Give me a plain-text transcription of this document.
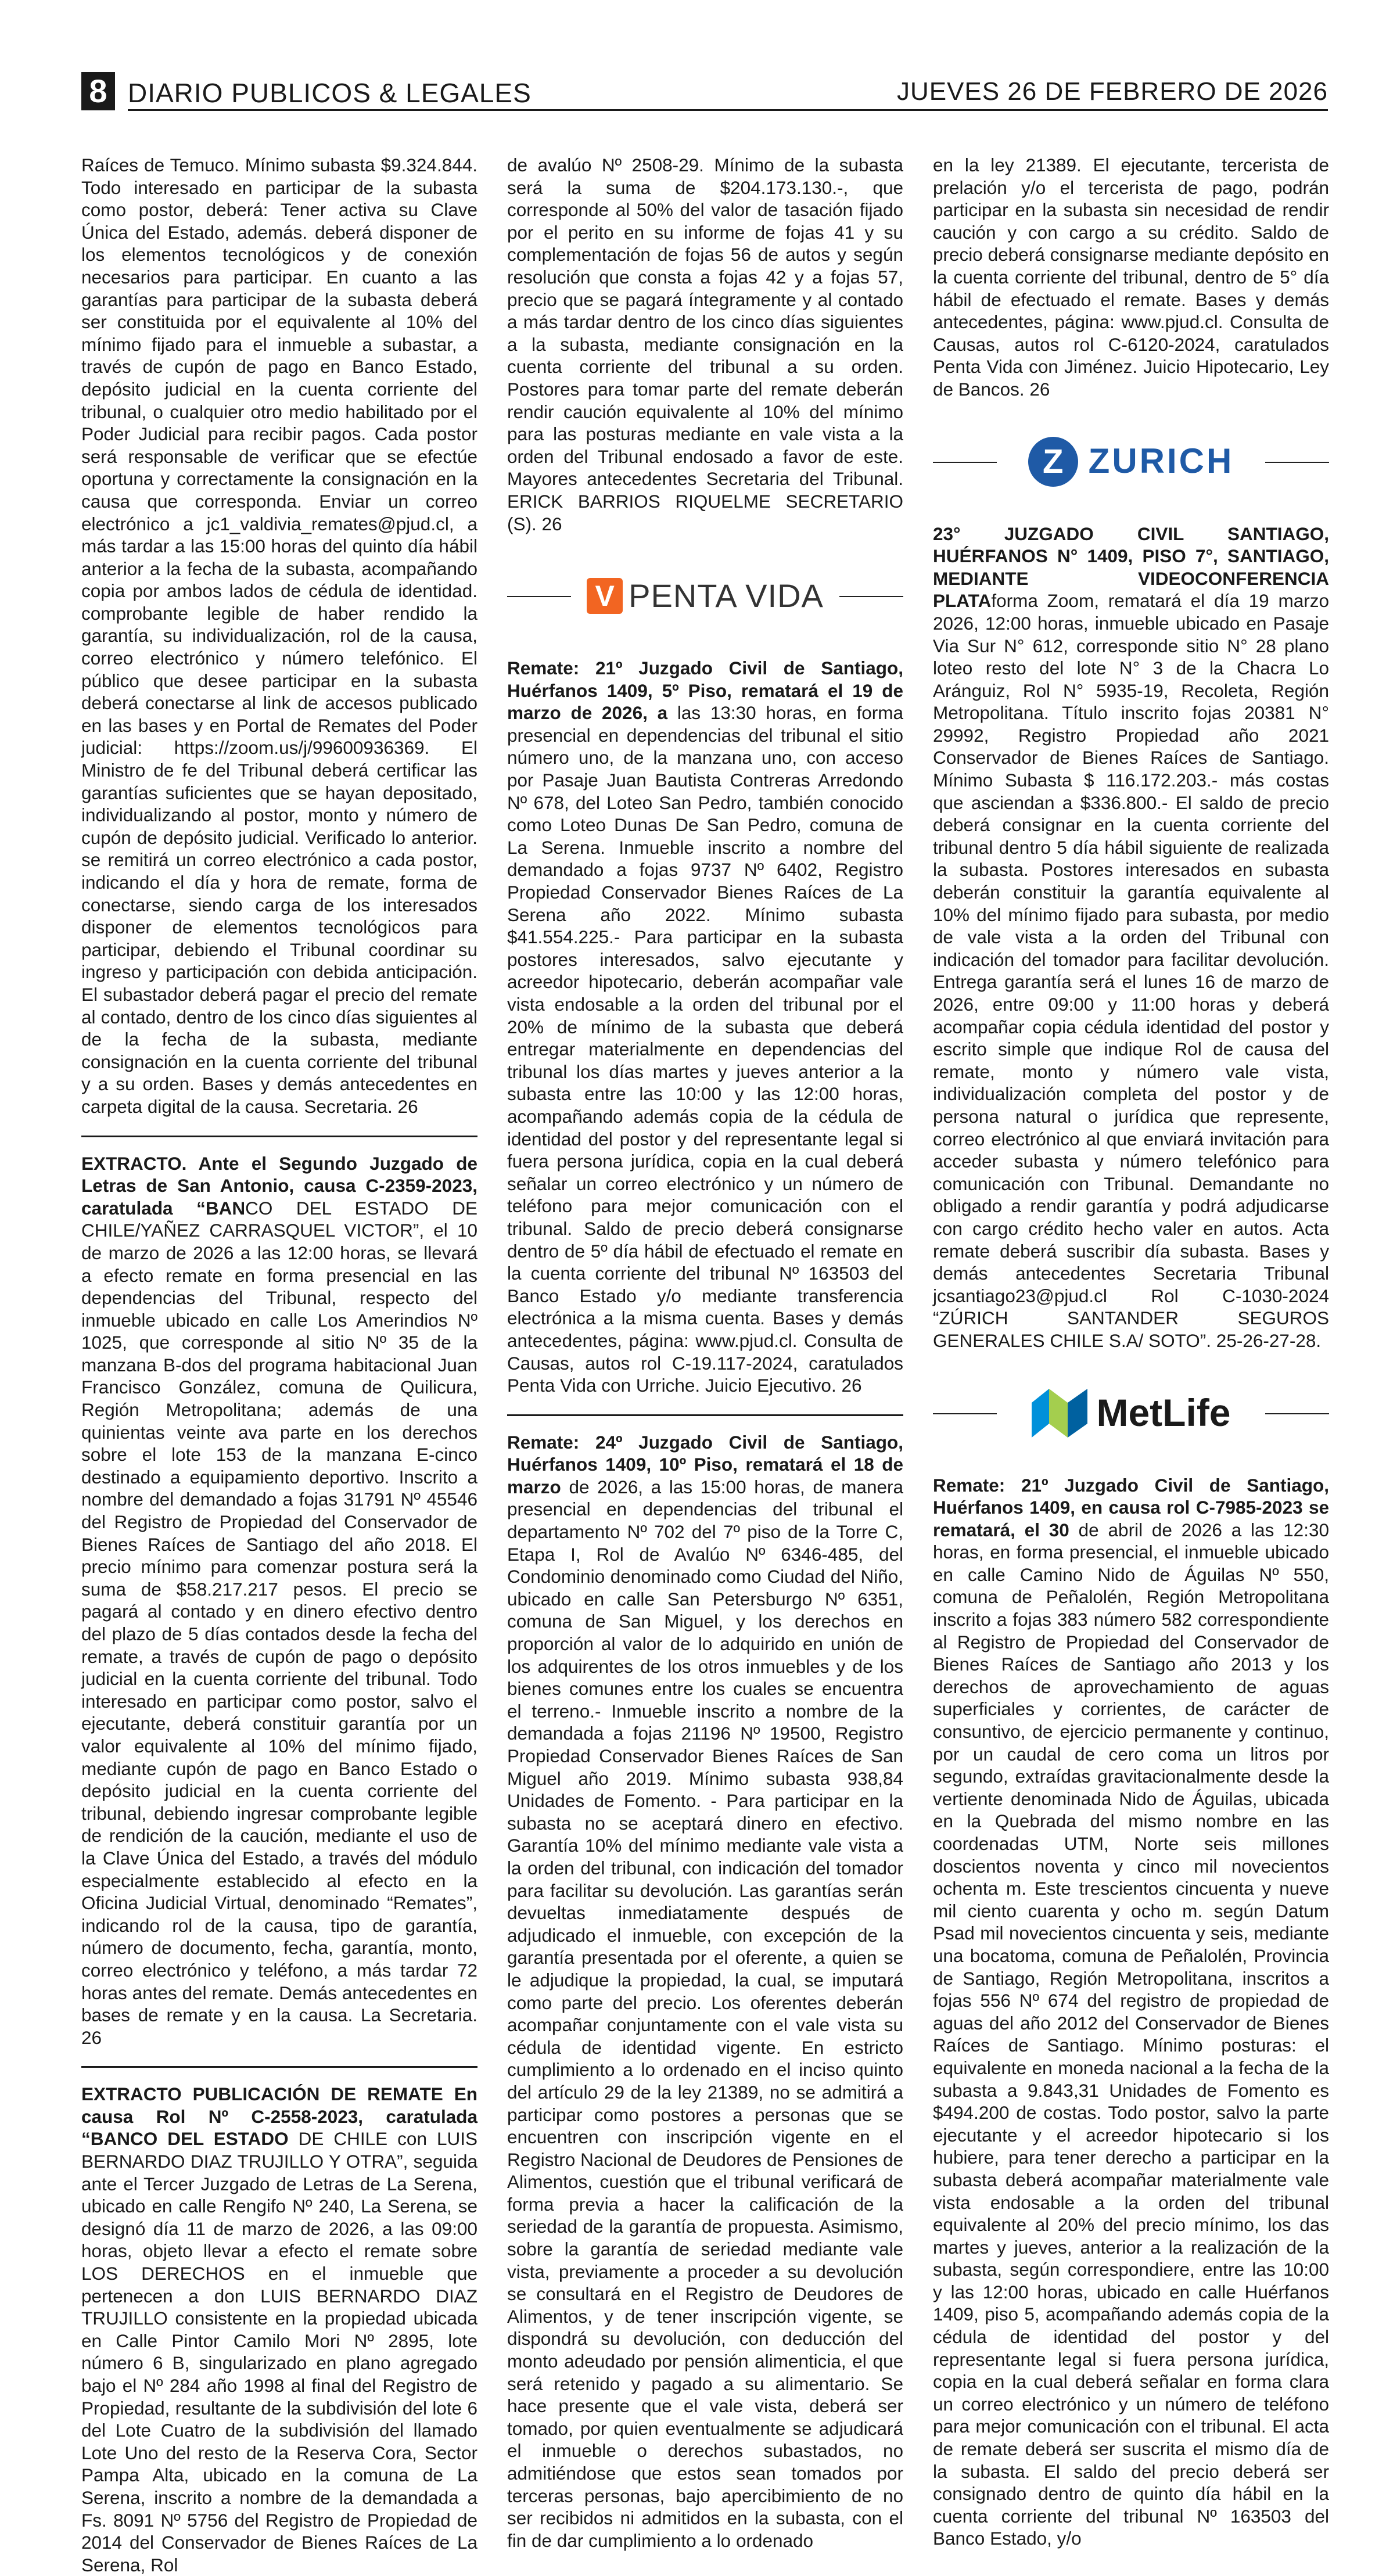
8 DIARIO PUBLICOS & LEGALES	JUEVES 26 DE FEBRERO DE 2026

Raíces de Temuco. Mínimo subasta $9.324.844. Todo interesado en participar de la subasta como postor, deberá: Tener activa su Clave Única del Estado, además. deberá disponer de los elementos tecnológicos y de conexión necesarios para participar. En cuanto a las garantías para participar de la subasta deberá ser constituida por el equivalente al 10% del mínimo fijado para el inmueble a subastar, a través de cupón de pago en Banco Estado, depósito judicial en la cuenta corriente del tribunal, o cualquier otro medio habilitado por el Poder Judicial para recibir pagos. Cada postor será responsable de verificar que se efectúe oportuna y correctamente la consignación en la causa que corresponda. Enviar un correo electrónico a jc1_valdivia_remates@pjud.cl, a más tardar a las 15:00 horas del quinto día hábil anterior a la fecha de la subasta, acompañando copia por ambos lados de cédula de identidad. comprobante legible de haber rendido la garantía, su individualización, rol de la causa, correo electrónico y número telefónico. El público que desee participar en la subasta deberá conectarse al link de accesos publicado en las bases y en Portal de Remates del Poder judicial: https://zoom.us/j/99600936369. El Ministro de fe del Tribunal deberá certificar las garantías suficientes que se hayan depositado, individualizando al postor, monto y número de cupón de depósito judicial. Verificado lo anterior. se remitirá un correo electrónico a cada postor, indicando el día y hora de remate, forma de conectarse, siendo carga de los interesados disponer de elementos tecnológicos para participar, debiendo el Tribunal coordinar su ingreso y participación con debida anticipación. El subastador deberá pagar el precio del remate al contado, dentro de los cinco días siguientes al de la fecha de la subasta, mediante consignación en la cuenta corriente del tribunal y a su orden. Bases y demás antecedentes en carpeta digital de la causa. Secretaria. 26

EXTRACTO. Ante el Segundo Juzgado de Letras de San Antonio, causa C-2359-2023, caratulada “BANCO DEL ESTADO DE CHILE/YAÑEZ CARRASQUEL VICTOR”, el 10 de marzo de 2026 a las 12:00 horas, se llevará a efecto remate en forma presencial en las dependencias del Tribunal, respecto del inmueble ubicado en calle Los Amerindios Nº 1025, que corresponde al sitio Nº 35 de la manzana B-dos del programa habitacional Juan Francisco González, comuna de Quilicura, Región Metropolitana; además de una quinientas veinte ava parte en los derechos sobre el lote 153 de la manzana E-cinco destinado a equipamiento deportivo. Inscrito a nombre del demandado a fojas 31791 Nº 45546 del Registro de Propiedad del Conservador de Bienes Raíces de Santiago del año 2018. El precio mínimo para comenzar postura será la suma de $58.217.217 pesos. El precio se pagará al contado y en dinero efectivo dentro del plazo de 5 días contados desde la fecha del remate, a través de cupón de pago o depósito judicial en la cuenta corriente del tribunal. Todo interesado en participar como postor, salvo el ejecutante, deberá constituir garantía por un valor equivalente al 10% del mínimo fijado, mediante cupón de pago en Banco Estado o depósito judicial en la cuenta corriente del tribunal, debiendo ingresar comprobante legible de rendición de la caución, mediante el uso de la Clave Única del Estado, a través del módulo especialmente establecido al efecto en la Oficina Judicial Virtual, denominado “Remates”, indicando rol de la causa, tipo de garantía, número de documento, fecha, garantía, monto, correo electrónico y teléfono, a más tardar 72 horas antes del remate. Demás antecedentes en bases de remate y en la causa. La Secretaria. 26

EXTRACTO PUBLICACIÓN DE REMATE En causa Rol Nº C-2558-2023, caratulada “BANCO DEL ESTADO DE CHILE con LUIS BERNARDO DIAZ TRUJILLO Y OTRA”, seguida ante el Tercer Juzgado de Letras de La Serena, ubicado en calle Rengifo Nº 240, La Serena, se designó día 11 de marzo de 2026, a las 09:00 horas, objeto llevar a efecto el remate sobre LOS DERECHOS en el inmueble que pertenecen a don LUIS BERNARDO DIAZ TRUJILLO consistente en la propiedad ubicada en Calle Pintor Camilo Mori Nº 2895, lote número 6 B, singularizado en plano agregado bajo el Nº 284 año 1998 al final del Registro de Propiedad, resultante de la subdivisión del lote 6 del Lote Cuatro de la subdivisión del llamado Lote Uno del resto de la Reserva Cora, Sector Pampa Alta, ubicado en la comuna de La Serena, inscrito a nombre de la demandada a Fs. 8091 Nº 5756 del Registro de Propiedad de 2014 del Conservador de Bienes Raíces de La Serena, Rol

de avalúo Nº 2508-29. Mínimo de la subasta será la suma de $204.173.130.-, que corresponde al 50% del valor de tasación fijado por el perito en su informe de fojas 41 y su complementación de fojas 56 de autos y según resolución que consta a fojas 42 y a fojas 57, precio que se pagará íntegramente y al contado a más tardar dentro de los cinco días siguientes a la subasta, mediante consignación en la cuenta corriente del tribunal a su orden. Postores para tomar parte del remate deberán rendir caución equivalente al 10% del mínimo para las posturas mediante en vale vista a la orden del Tribunal endosado a favor de este. Mayores antecedentes Secretaria del Tribunal. ERICK BARRIOS RIQUELME SECRETARIO (S). 26

V PENTA VIDA

Remate: 21º Juzgado Civil de Santiago, Huérfanos 1409, 5º Piso, rematará el 19 de marzo de 2026, a las 13:30 horas, en forma presencial en dependencias del tribunal el sitio número uno, de la manzana uno, con acceso por Pasaje Juan Bautista Contreras Arredondo Nº 678, del Loteo San Pedro, también conocido como Loteo Dunas De San Pedro, comuna de La Serena. Inmueble inscrito a nombre del demandado a fojas 9737 Nº 6402, Registro Propiedad Conservador Bienes Raíces de La Serena año 2022. Mínimo subasta $41.554.225.- Para participar en la subasta postores interesados, salvo ejecutante y acreedor hipotecario, deberán acompañar vale vista endosable a la orden del tribunal por el 20% de mínimo de la subasta que deberá entregar materialmente en dependencias del tribunal los días martes y jueves anterior a la subasta entre las 10:00 y las 12:00 horas, acompañando además copia de la cédula de identidad del postor y del representante legal si fuera persona jurídica, copia en la cual deberá señalar un correo electrónico y un número de teléfono para mejor comunicación con el tribunal. Saldo de precio deberá consignarse dentro de 5º día hábil de efectuado el remate en la cuenta corriente del tribunal Nº 163503 del Banco Estado y/o mediante transferencia electrónica a la misma cuenta. Bases y demás antecedentes, página: www.pjud.cl. Consulta de Causas, autos rol C-19.117-2024, caratulados Penta Vida con Urriche. Juicio Ejecutivo. 26

Remate: 24º Juzgado Civil de Santiago, Huérfanos 1409, 10º Piso, rematará el 18 de marzo de 2026, a las 15:00 horas, de manera presencial en dependencias del tribunal el departamento Nº 702 del 7º piso de la Torre C, Etapa I, Rol de Avalúo Nº 6346-485, del Condominio denominado como Ciudad del Niño, ubicado en calle San Petersburgo Nº 6351, comuna de San Miguel, y los derechos en proporción al valor de lo adquirido en unión de los adquirentes de los otros inmuebles y de los bienes comunes entre los cuales se encuentra el terreno.- Inmueble inscrito a nombre de la demandada a fojas 21196 Nº 19500, Registro Propiedad Conservador Bienes Raíces de San Miguel año 2019. Mínimo subasta 938,84 Unidades de Fomento. - Para participar en la subasta no se aceptará dinero en efectivo. Garantía 10% del mínimo mediante vale vista a la orden del tribunal, con indicación del tomador para facilitar su devolución. Las garantías serán devueltas inmediatamente después de adjudicado el inmueble, con excepción de la garantía presentada por el oferente, a quien se le adjudique la propiedad, la cual, se imputará como parte del precio. Los oferentes deberán acompañar conjuntamente con el vale vista su cédula de identidad vigente. En estricto cumplimiento a lo ordenado en el inciso quinto del artículo 29 de la ley 21389, no se admitirá a participar como postores a personas que se encuentren con inscripción vigente en el Registro Nacional de Deudores de Pensiones de Alimentos, cuestión que el tribunal verificará de forma previa a hacer la calificación de la seriedad de la garantía de propuesta. Asimismo, sobre la garantía de seriedad mediante vale vista, previamente a proceder a su devolución se consultará en el Registro de Deudores de Alimentos, y de tener inscripción vigente, se dispondrá su devolución, con deducción del monto adeudado por pensión alimenticia, el que será retenido y pagado a su alimentario. Se hace presente que el vale vista, deberá ser tomado, por quien eventualmente se adjudicará el inmueble o derechos subastados, no admitiéndose que estos sean tomados por terceras personas, bajo apercibimiento de no ser recibidos ni admitidos en la subasta, con el fin de dar cumplimiento a lo ordenado

en la ley 21389. El ejecutante, tercerista de prelación y/o el tercerista de pago, podrán participar en la subasta sin necesidad de rendir caución y con cargo a su crédito. Saldo de precio deberá consignarse mediante depósito en la cuenta corriente del tribunal, dentro de 5° día hábil de efectuado el remate. Bases y demás antecedentes, página: www.pjud.cl. Consulta de Causas, autos rol C-6120-2024, caratulados Penta Vida con Jiménez. Juicio Hipotecario, Ley de Bancos. 26

Z ZURICH

23° JUZGADO CIVIL SANTIAGO, HUÉRFANOS N° 1409, PISO 7°, SANTIAGO, MEDIANTE VIDEOCONFERENCIA PLATAforma Zoom, rematará el día 19 marzo 2026, 12:00 horas, inmueble ubicado en Pasaje Via Sur N° 612, corresponde sitio N° 28 plano loteo resto del lote N° 3 de la Chacra Lo Aránguiz, Rol N° 5935-19, Recoleta, Región Metropolitana. Título inscrito fojas 20381 N° 29992, Registro Propiedad año 2021 Conservador de Bienes Raíces de Santiago. Mínimo Subasta $ 116.172.203.- más costas que asciendan a $336.800.- El saldo de precio deberá consignar en la cuenta corriente del tribunal dentro 5 día hábil siguiente de realizada la subasta. Postores interesados en subasta deberán constituir la garantía equivalente al 10% del mínimo fijado para subasta, por medio de vale vista a la orden del Tribunal con indicación del tomador para facilitar devolución. Entrega garantía será el lunes 16 de marzo de 2026, entre 09:00 y 11:00 horas y deberá acompañar copia cédula identidad del postor y escrito simple que indique Rol de causa del remate, monto y número vale vista, individualización completa del postor y de persona natural o jurídica que represente, correo electrónico al que enviará invitación para acceder subasta y número telefónico para comunicación con Tribunal. Demandante no obligado a rendir garantía y podrá adjudicarse con cargo crédito hecho valer en autos. Acta remate deberá suscribir día subasta. Bases y demás antecedentes Secretaria Tribunal jcsantiago23@pjud.cl Rol C-1030-2024 “ZÚRICH SANTANDER SEGUROS GENERALES CHILE S.A/ SOTO”. 25-26-27-28.

MetLife

Remate: 21º Juzgado Civil de Santiago, Huérfanos 1409, en causa rol C-7985-2023 se rematará, el 30 de abril de 2026 a las 12:30 horas, en forma presencial, el inmueble ubicado en calle Camino Nido de Águilas Nº 550, comuna de Peñalolén, Región Metropolitana inscrito a fojas 383 número 582 correspondiente al Registro de Propiedad del Conservador de Bienes Raíces de Santiago año 2013 y los derechos de aprovechamiento de aguas superficiales y corrientes, de carácter de consuntivo, de ejercicio permanente y continuo, por un caudal de cero coma un litros por segundo, extraídas gravitacionalmente desde la vertiente denominada Nido de Águilas, ubicada en la Quebrada del mismo nombre en las coordenadas UTM, Norte seis millones doscientos noventa y cinco mil novecientos ochenta m. Este trescientos cincuenta y nueve mil ciento cuarenta y ocho m. según Datum Psad mil novecientos cincuenta y seis, mediante una bocatoma, comuna de Peñalolén, Provincia de Santiago, Región Metropolitana, inscritos a fojas 556 Nº 674 del registro de propiedad de aguas del año 2012 del Conservador de Bienes Raíces de Santiago. Mínimo posturas: el equivalente en moneda nacional a la fecha de la subasta a 9.843,31 Unidades de Fomento es $494.200 de costas. Todo postor, salvo la parte ejecutante y el acreedor hipotecario si los hubiere, para tener derecho a participar en la subasta deberá acompañar materialmente vale vista endosable a la orden del tribunal equivalente al 20% del precio mínimo, los das martes y jueves, anterior a la realización de la subasta, según correspondiere, entre las 10:00 y las 12:00 horas, ubicado en calle Huérfanos 1409, piso 5, acompañando además copia de la cédula de identidad del postor y del representante legal si fuera persona jurídica, copia en la cual deberá señalar en forma clara un correo electrónico y un número de teléfono para mejor comunicación con el tribunal. El acta de remate deberá ser suscrita el mismo día de la subasta. El saldo del precio deberá ser consignado dentro de quinto día hábil en la cuenta corriente del tribunal Nº 163503 del Banco Estado, y/o
